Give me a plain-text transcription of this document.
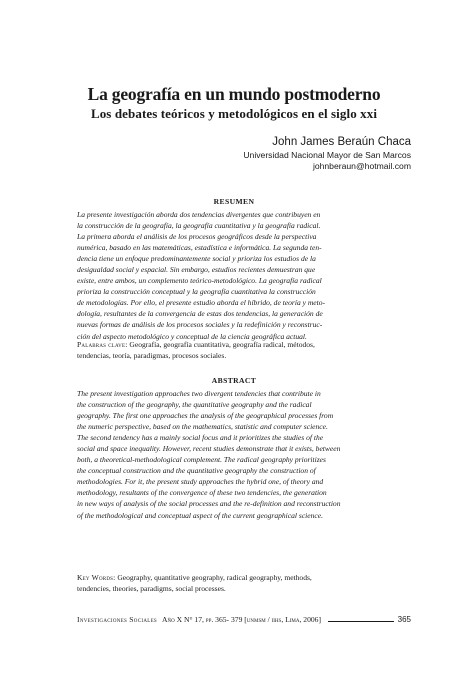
La geografía en un mundo postmoderno
Los debates teóricos y metodológicos en el siglo xxi
John James Beraún Chaca
Universidad Nacional Mayor de San Marcos
johnberaun@hotmail.com
RESUMEN
La presente investigación aborda dos tendencias divergentes que contribuyen en
la construcción de la geografía, la geografía cuantitativa y la geografía radical.
La primera aborda el análisis de los procesos geográficos desde la perspectiva
numérica, basado en las matemáticas, estadística e informática. La segunda ten-
dencia tiene un enfoque predominantemente social y prioriza los estudios de la
desigualdad social y espacial. Sin embargo, estudios recientes demuestran que
existe, entre ambos, un complemento teórico-metodológico. La geografía radical
prioriza la construcción conceptual y la geografía cuantitativa la construcción
de metodologías. Por ello, el presente estudio aborda el híbrido, de teoría y meto-
dología, resultantes de la convergencia de estas dos tendencias, la generación de
nuevas formas de análisis de los procesos sociales y la redefinición y reconstruc-
ción del aspecto metodológico y conceptual de la ciencia geográfica actual.
Palabras clave: Geografía, geografía cuantitativa, geografía radical, métodos,
tendencias, teoría, paradigmas, procesos sociales.
ABSTRACT
The present investigation approaches two divergent tendencies that contribute in
the construction of the geography, the quantitative geography and the radical
geography. The first one approaches the analysis of the geographical processes from
the numeric perspective, based on the mathematics, statistic and computer science.
The second tendency has a mainly social focus and it prioritizes the studies of the
social and space inequality. However, recent studies demonstrate that it exists, between
both, a theoretical-methodological complement. The radical geography prioritizes
the conceptual construction and the quantitative geography the construction of
methodologies. For it, the present study approaches the hybrid one, of theory and
methodology, resultants of the convergence of these two tendencies, the generation
in new ways of analysis of the social processes and the re-definition and reconstruction
of the methodological and conceptual aspect of the current geographical science.
Key Words: Geography, quantitative geography, radical geography, methods,
tendencies, theories, paradigms, social processes.
Investigaciones Sociales Año X N° 17, pp. 365- 379 [unmsm / iihs, Lima, 2006]	365
